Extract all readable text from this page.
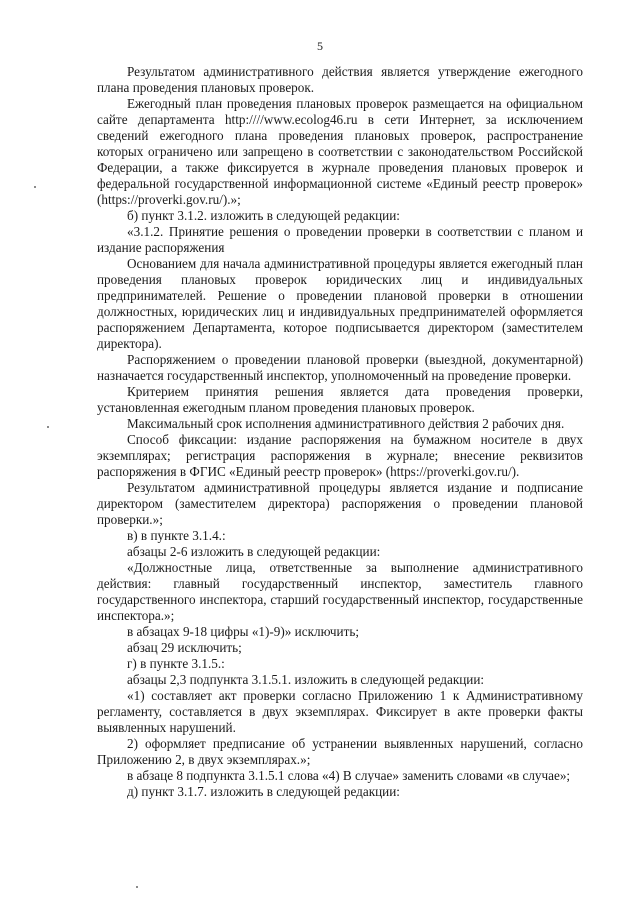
5

Результатом административного действия является утверждение ежегодного плана проведения плановых проверок.

Ежегодный план проведения плановых проверок размещается на официальном сайте департамента http:////www.ecolog46.ru в сети Интернет, за исключением сведений ежегодного плана проведения плановых проверок, распространение которых ограничено или запрещено в соответствии с законодательством Российской Федерации, а также фиксируется в журнале проведения плановых проверок и федеральной государственной информационной системе «Единый реестр проверок» (https://proverki.gov.ru/).»;

б) пункт 3.1.2. изложить в следующей редакции:

«3.1.2. Принятие решения о проведении проверки в соответствии с планом и издание распоряжения

Основанием для начала административной процедуры является ежегодный план проведения плановых проверок юридических лиц и индивидуальных предпринимателей. Решение о проведении плановой проверки в отношении должностных, юридических лиц и индивидуальных предпринимателей оформляется распоряжением Департамента, которое подписывается директором (заместителем директора).

Распоряжением о проведении плановой проверки (выездной, документарной) назначается государственный инспектор, уполномоченный на проведение проверки.

Критерием принятия решения является дата проведения проверки, установленная ежегодным планом проведения плановых проверок.

Максимальный срок исполнения административного действия 2 рабочих дня.

Способ фиксации: издание распоряжения на бумажном носителе в двух экземплярах; регистрация распоряжения в журнале; внесение реквизитов распоряжения в ФГИС «Единый реестр проверок» (https://proverki.gov.ru/).

Результатом административной процедуры является издание и подписание директором (заместителем директора) распоряжения о проведении плановой проверки.»;

в) в пункте 3.1.4.:

абзацы 2-6 изложить в следующей редакции:

«Должностные лица, ответственные за выполнение административного действия: главный государственный инспектор, заместитель главного государственного инспектора, старший государственный инспектор, государственные инспектора.»;

в абзацах 9-18 цифры «1)-9)» исключить;

абзац 29 исключить;

г) в пункте 3.1.5.:

абзацы 2,3 подпункта 3.1.5.1. изложить в следующей редакции:

«1) составляет акт проверки согласно Приложению 1 к Административному регламенту, составляется в двух экземплярах. Фиксирует в акте проверки факты выявленных нарушений.

2) оформляет предписание об устранении выявленных нарушений, согласно Приложению 2, в двух экземплярах.»;

в абзаце 8 подпункта 3.1.5.1 слова «4) В случае» заменить словами «в случае»;

д) пункт 3.1.7. изложить в следующей редакции:
